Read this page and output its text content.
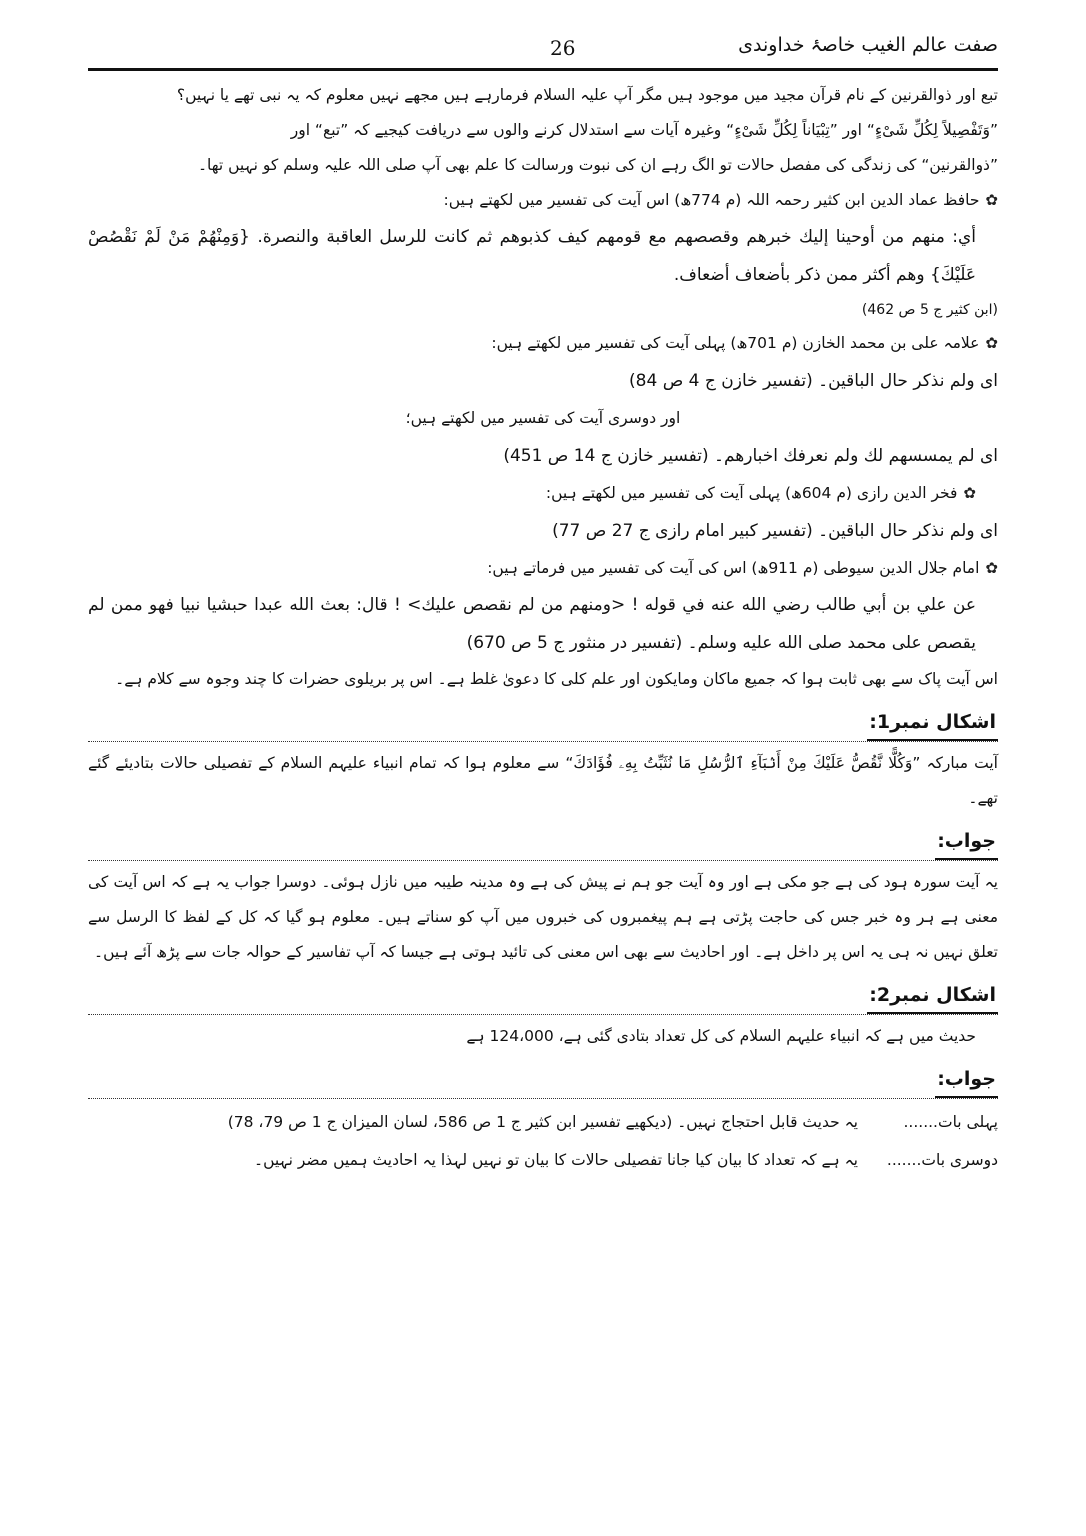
صفت عالم الغیب خاصۂ خداوندی
26

تبع اور ذوالقرنین کے نام قرآن مجید میں موجود ہیں مگر آپ علیہ السلام فرمارہے ہیں مجھے نہیں معلوم کہ یہ نبی تھے یا نہیں؟

”وَتَفْصِیلاً لِکُلِّ شَیْءٍ“ اور ”تِبْیَاناً لِکُلِّ شَیْءٍ“ وغیرہ آیات سے استدلال کرنے والوں سے دریافت کیجیے کہ ”تبع“ اور

”ذوالقرنین“ کی زندگی کی مفصل حالات تو الگ رہے ان کی نبوت ورسالت کا علم بھی آپ صلی اللہ علیہ وسلم کو نہیں تھا۔

✿حافظ عماد الدین ابن کثیر رحمہ اللہ (م 774ھ) اس آیت کی تفسیر میں لکھتے ہیں:

أي: منهم من أوحينا إليك خبرهم وقصصهم مع قومهم كيف كذبوهم ثم كانت للرسل العاقبة والنصرة. {وَمِنْهُمْ مَنْ لَمْ نَقْصُصْ عَلَيْكَ} وهم أكثر ممن ذكر بأضعاف أضعاف.

(ابن کثیر ج 5 ص 462)

✿علامہ علی بن محمد الخازن (م 701ھ) پہلی آیت کی تفسیر میں لکھتے ہیں:

ای ولم نذکر حال الباقین۔ (تفسیر خازن ج 4 ص 84)

اور دوسری آیت کی تفسیر میں لکھتے ہیں؛

ای لم یمسسهم لك ولم نعرفك اخبارهم۔ (تفسیر خازن ج 14 ص 451)

✿فخر الدین رازی (م 604ھ) پہلی آیت کی تفسیر میں لکھتے ہیں:

ای ولم نذکر حال الباقین۔ (تفسیر کبیر امام رازی ج 27 ص 77)

✿امام جلال الدین سیوطی (م 911ھ) اس کی آیت کی تفسیر میں فرماتے ہیں:

عن علي بن أبي طالب رضي الله عنه في قوله ! <ومنهم من لم نقصص عليك> ! قال: بعث الله عبدا حبشيا نبيا فهو ممن لم يقصص على محمد صلى الله عليه وسلم۔ (تفسیر در منثور ج 5 ص 670)

اس آیت پاک سے بھی ثابت ہوا کہ جمیع ماکان ومایکون اور علم کلی کا دعویٰ غلط ہے۔ اس پر بریلوی حضرات کا چند وجوہ سے کلام ہے۔

اشکال نمبر1:

آیت مبارکہ ”وَكُلًّا نَّقُصُّ عَلَيْكَ مِنْ أَنۢبَآءِ ٱلرُّسُلِ مَا نُثَبِّتُ بِهِۦ فُؤَادَكَ“ سے معلوم ہوا کہ تمام انبیاء علیہم السلام کے تفصیلی حالات بتادیئے گئے تھے۔

جواب:

یہ آیت سورہ ہود کی ہے جو مکی ہے اور وہ آیت جو ہم نے پیش کی ہے وہ مدینہ طیبہ میں نازل ہوئی۔ دوسرا جواب یہ ہے کہ اس آیت کی معنی ہے ہر وہ خبر جس کی حاجت پڑتی ہے ہم پیغمبروں کی خبروں میں آپ کو سناتے ہیں۔ معلوم ہو گیا کہ کل کے لفظ کا الرسل سے تعلق نہیں نہ ہی یہ اس پر داخل ہے۔ اور احادیث سے بھی اس معنی کی تائید ہوتی ہے جیسا کہ آپ تفاسیر کے حوالہ جات سے پڑھ آئے ہیں۔

اشکال نمبر2:

حدیث میں ہے کہ انبیاء علیہم السلام کی کل تعداد بتادی گئی ہے، 124،000 ہے

جواب:
پہلی بات.......
یہ حدیث قابل احتجاج نہیں۔ (دیکھیے تفسیر ابن کثیر ج 1 ص 586، لسان المیزان ج 1 ص 79، 78)
دوسری بات.......
یہ ہے کہ تعداد کا بیان کیا جانا تفصیلی حالات کا بیان تو نہیں لہذا یہ احادیث ہمیں مضر نہیں۔
